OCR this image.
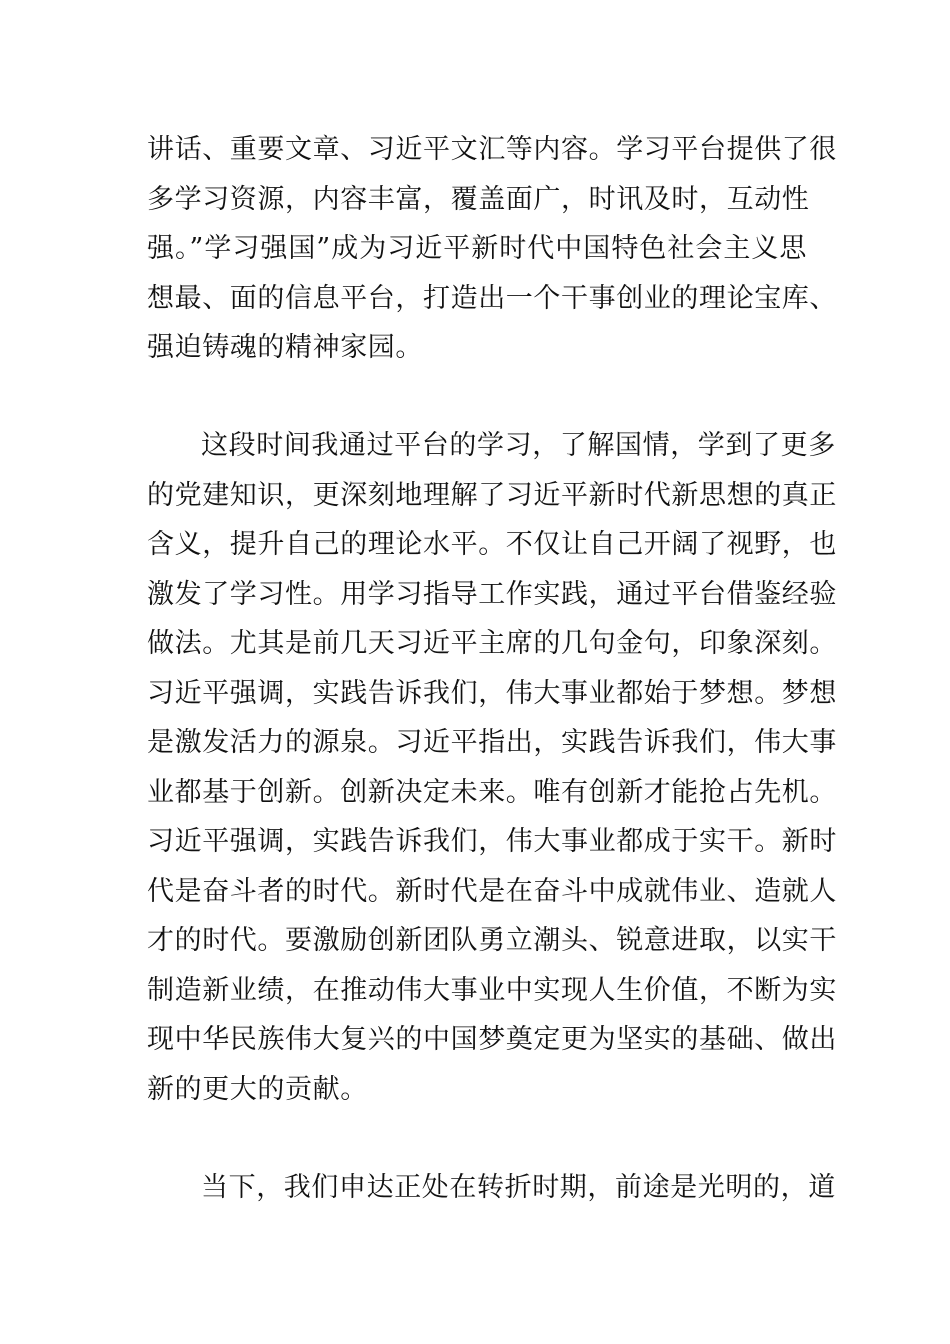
讲话、重要文章、习近平文汇等内容。学习平台提供了很
多学习资源，内容丰富，覆盖面广，时讯及时，互动性
强。”学习强国”成为习近平新时代中国特色社会主义思
想最、面的信息平台，打造出一个干事创业的理论宝库、
强迫铸魂的精神家园。
这段时间我通过平台的学习，了解国情，学到了更多
的党建知识，更深刻地理解了习近平新时代新思想的真正
含义，提升自己的理论水平。不仅让自己开阔了视野，也
激发了学习性。用学习指导工作实践，通过平台借鉴经验
做法。尤其是前几天习近平主席的几句金句，印象深刻。
习近平强调，实践告诉我们，伟大事业都始于梦想。梦想
是激发活力的源泉。习近平指出，实践告诉我们，伟大事
业都基于创新。创新决定未来。唯有创新才能抢占先机。
习近平强调，实践告诉我们，伟大事业都成于实干。新时
代是奋斗者的时代。新时代是在奋斗中成就伟业、造就人
才的时代。要激励创新团队勇立潮头、锐意进取，以实干
制造新业绩，在推动伟大事业中实现人生价值，不断为实
现中华民族伟大复兴的中国梦奠定更为坚实的基础、做出
新的更大的贡献。
当下，我们申达正处在转折时期，前途是光明的，道
